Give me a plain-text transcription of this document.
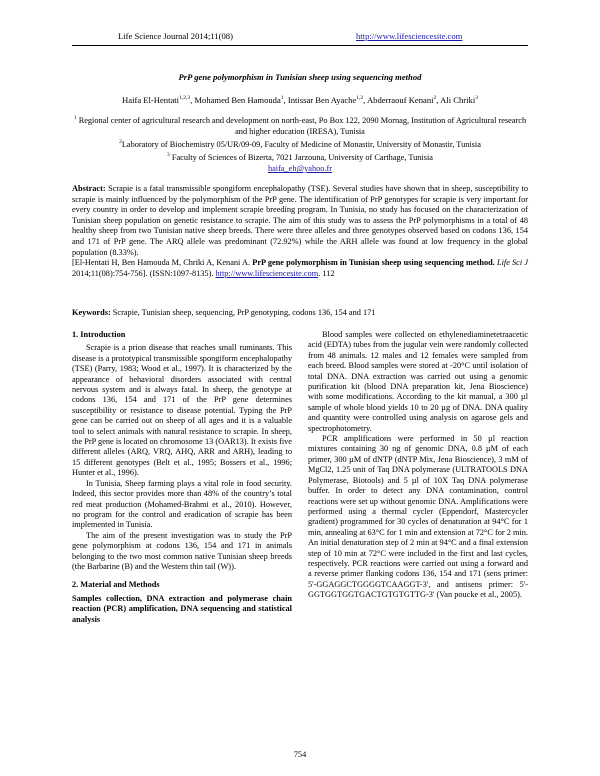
Life Science Journal 2014;11(08)	http://www.lifesciencesite.com
PrP gene polymorphism in Tunisian sheep using sequencing method
Haifa El-Hentati$^{1,2,3}$, Mohamed Ben Hamouda$^1$, Intissar Ben Ayache$^{1,2}$, Abderraouf Kenani$^2$, Ali Chriki$^3$

$^1$ Regional center of agricultural research and development on north-east, Po Box 122, 2090 Mornag, Institution of Agricultural research and higher education (IRESA), Tunisia

$^2$Laboratory of Biochemistry 05/UR/09-09, Faculty of Medicine of Monastir, University of Monastir, Tunisia

$^3$ Faculty of Sciences of Bizerta, 7021 Jarzouna, University of Carthage, Tunisia

haifa_eh@yahoo.fr

Abstract: Scrapie is a fatal transmissible spongiform encephalopathy (TSE). Several studies have shown that in sheep, susceptibility to scrapie is mainly influenced by the polymorphism of the PrP gene. The identification of PrP genotypes for scrapie is very important for every country in order to develop and implement scrapie breeding program. In Tunisia, no study has focused on the characterization of Tunisian sheep population on genetic resistance to scrapie. The aim of this study was to assess the PrP polymorphisms in a total of 48 healthy sheep from two Tunisian native sheep breeds. There were three alleles and three genotypes observed based on codons 136, 154 and 171 of PrP gene. The ARQ allele was predominant (72.92%) while the ARH allele was found at low frequency in the global population (8.33%).

[El-Hentati H, Ben Hamouda M, Chriki A, Kenani A. PrP gene polymorphism in Tunisian sheep using sequencing method. Life Sci J 2014;11(08):754-756]. (ISSN:1097-8135). http://www.lifesciencesite.com. 112

Keywords: Scrapie, Tunisian sheep, sequencing, PrP genotyping, codons 136, 154 and 171
1. Introduction

Scrapie is a prion disease that reaches small ruminants. This disease is a prototypical transmissible spongiform encephalopathy (TSE) (Parry, 1983; Wood et al., 1997). It is characterized by the appearance of behavioral disorders associated with central nervous system and is always fatal. In sheep, the genotype at codons 136, 154 and 171 of the PrP gene determines susceptibility or resistance to disease potential. Typing the PrP gene can be carried out on sheep of all ages and it is a valuable tool to select animals with natural resistance to scrapie. In sheep, the PrP gene is located on chromosome 13 (OAR13). It exists five different alleles (ARQ, VRQ, AHQ, ARR and ARH), leading to 15 different genotypes (Belt et al., 1995; Bossers et al., 1996; Hunter et al., 1996).

In Tunisia, Sheep farming plays a vital role in food security. Indeed, this sector provides more than 48% of the country’s total red meat production (Mohamed-Brahmi et al., 2010). However, no program for the control and eradication of scrapie has been implemented in Tunisia.

The aim of the present investigation was to study the PrP gene polymorphism at codons 136, 154 and 171 in animals belonging to the two most common native Tunisian sheep breeds (the Barbarine (B) and the Western thin tail (W)).

2. Material and Methods

Samples collection, DNA extraction and polymerase chain reaction (PCR) amplification, DNA sequencing and statistical analysis

Blood samples were collected on ethylenediaminetetraacetic acid (EDTA) tubes from the jugular vein were randomly collected from 48 animals. 12 males and 12 females were sampled from each breed. Blood samples were stored at -20°C until isolation of total DNA. DNA extraction was carried out using a genomic purification kit (blood DNA preparation kit, Jena Bioscience) with some modifications. According to the kit manual, a 300 µl sample of whole blood yields 10 to 20 µg of DNA. DNA quality and quantity were controlled using analysis on agarose gels and spectrophotometry.

PCR amplifications were performed in 50 µl reaction mixtures containing 30 ng of genomic DNA, 0.8 µM of each primer, 300 µM of dNTP (dNTP Mix, Jena Bioscience), 3 mM of MgCl2, 1.25 unit of Taq DNA polymerase (ULTRATOOLS DNA Polymerase, Biotools) and 5 µl of 10X Taq DNA polymerase buffer. In order to detect any DNA contamination, control reactions were set up without genomic DNA. Amplifications were performed using a thermal cycler (Eppendorf, Mastercycler gradient) programmed for 30 cycles of denaturation at 94°C for 1 min, annealing at 63°C for 1 min and extension at 72°C for 2 min. An initial denaturation step of 2 min at 94°C and a final extension step of 10 min at 72°C were included in the first and last cycles, respectively. PCR reactions were carried out using a forward and a reverse primer flanking codons 136, 154 and 171 (sens primer: 5'-GGAGGCTGGGGTCAAGGT-3', and antisens primer: 5'-GGTGGTGGTGACTGTGTGTTG-3' (Van poucke et al., 2005).

754
